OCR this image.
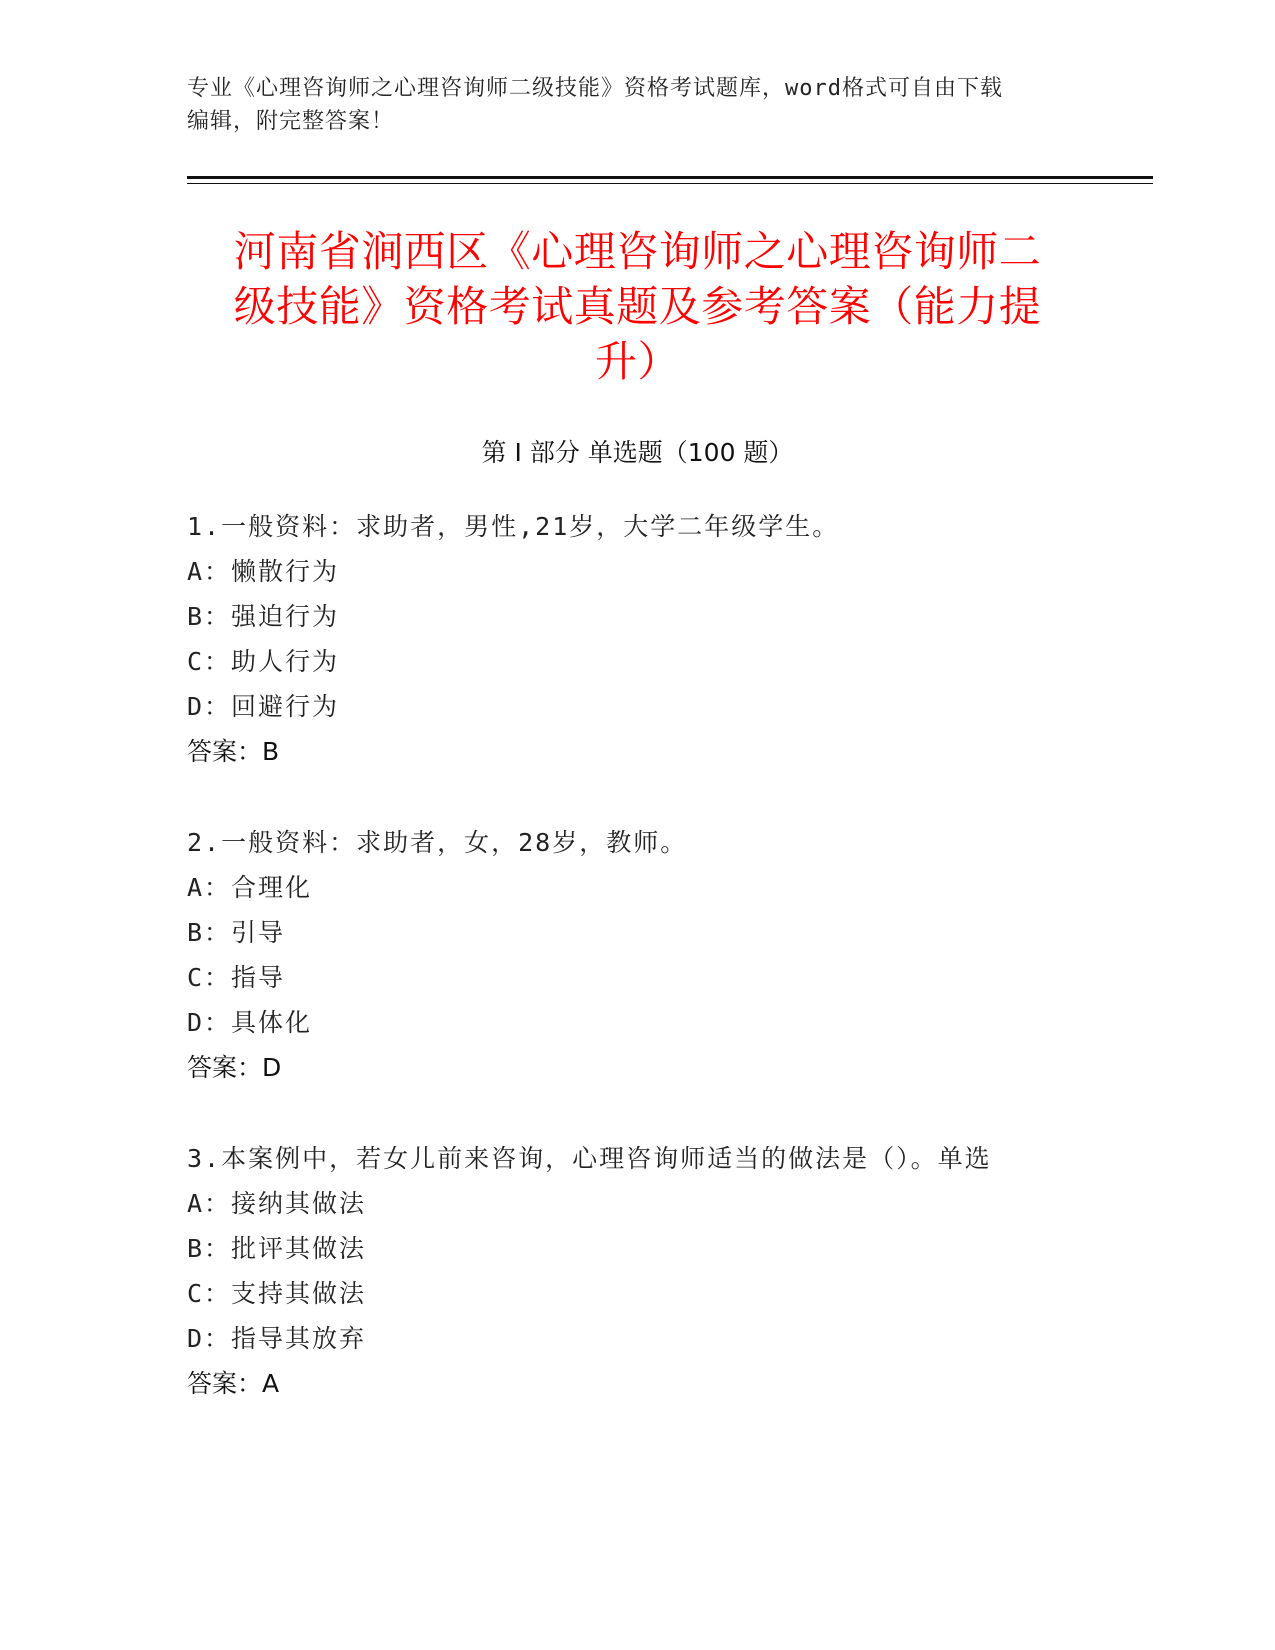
专业《心理咨询师之心理咨询师二级技能》资格考试题库，word格式可自由下载
编辑，附完整答案！
河南省涧西区《心理咨询师之心理咨询师二
级技能》资格考试真题及参考答案（能力提
升）
第 I 部分 单选题（100 题）
1.一般资料：求助者，男性,21岁，大学二年级学生。
A：懒散行为
B：强迫行为
C：助人行为
D：回避行为
答案：B
2.一般资料：求助者，女，28岁，教师。
A：合理化
B：引导
C：指导
D：具体化
答案：D
3.本案例中，若女儿前来咨询，心理咨询师适当的做法是（）。单选
A：接纳其做法
B：批评其做法
C：支持其做法
D：指导其放弃
答案：A
